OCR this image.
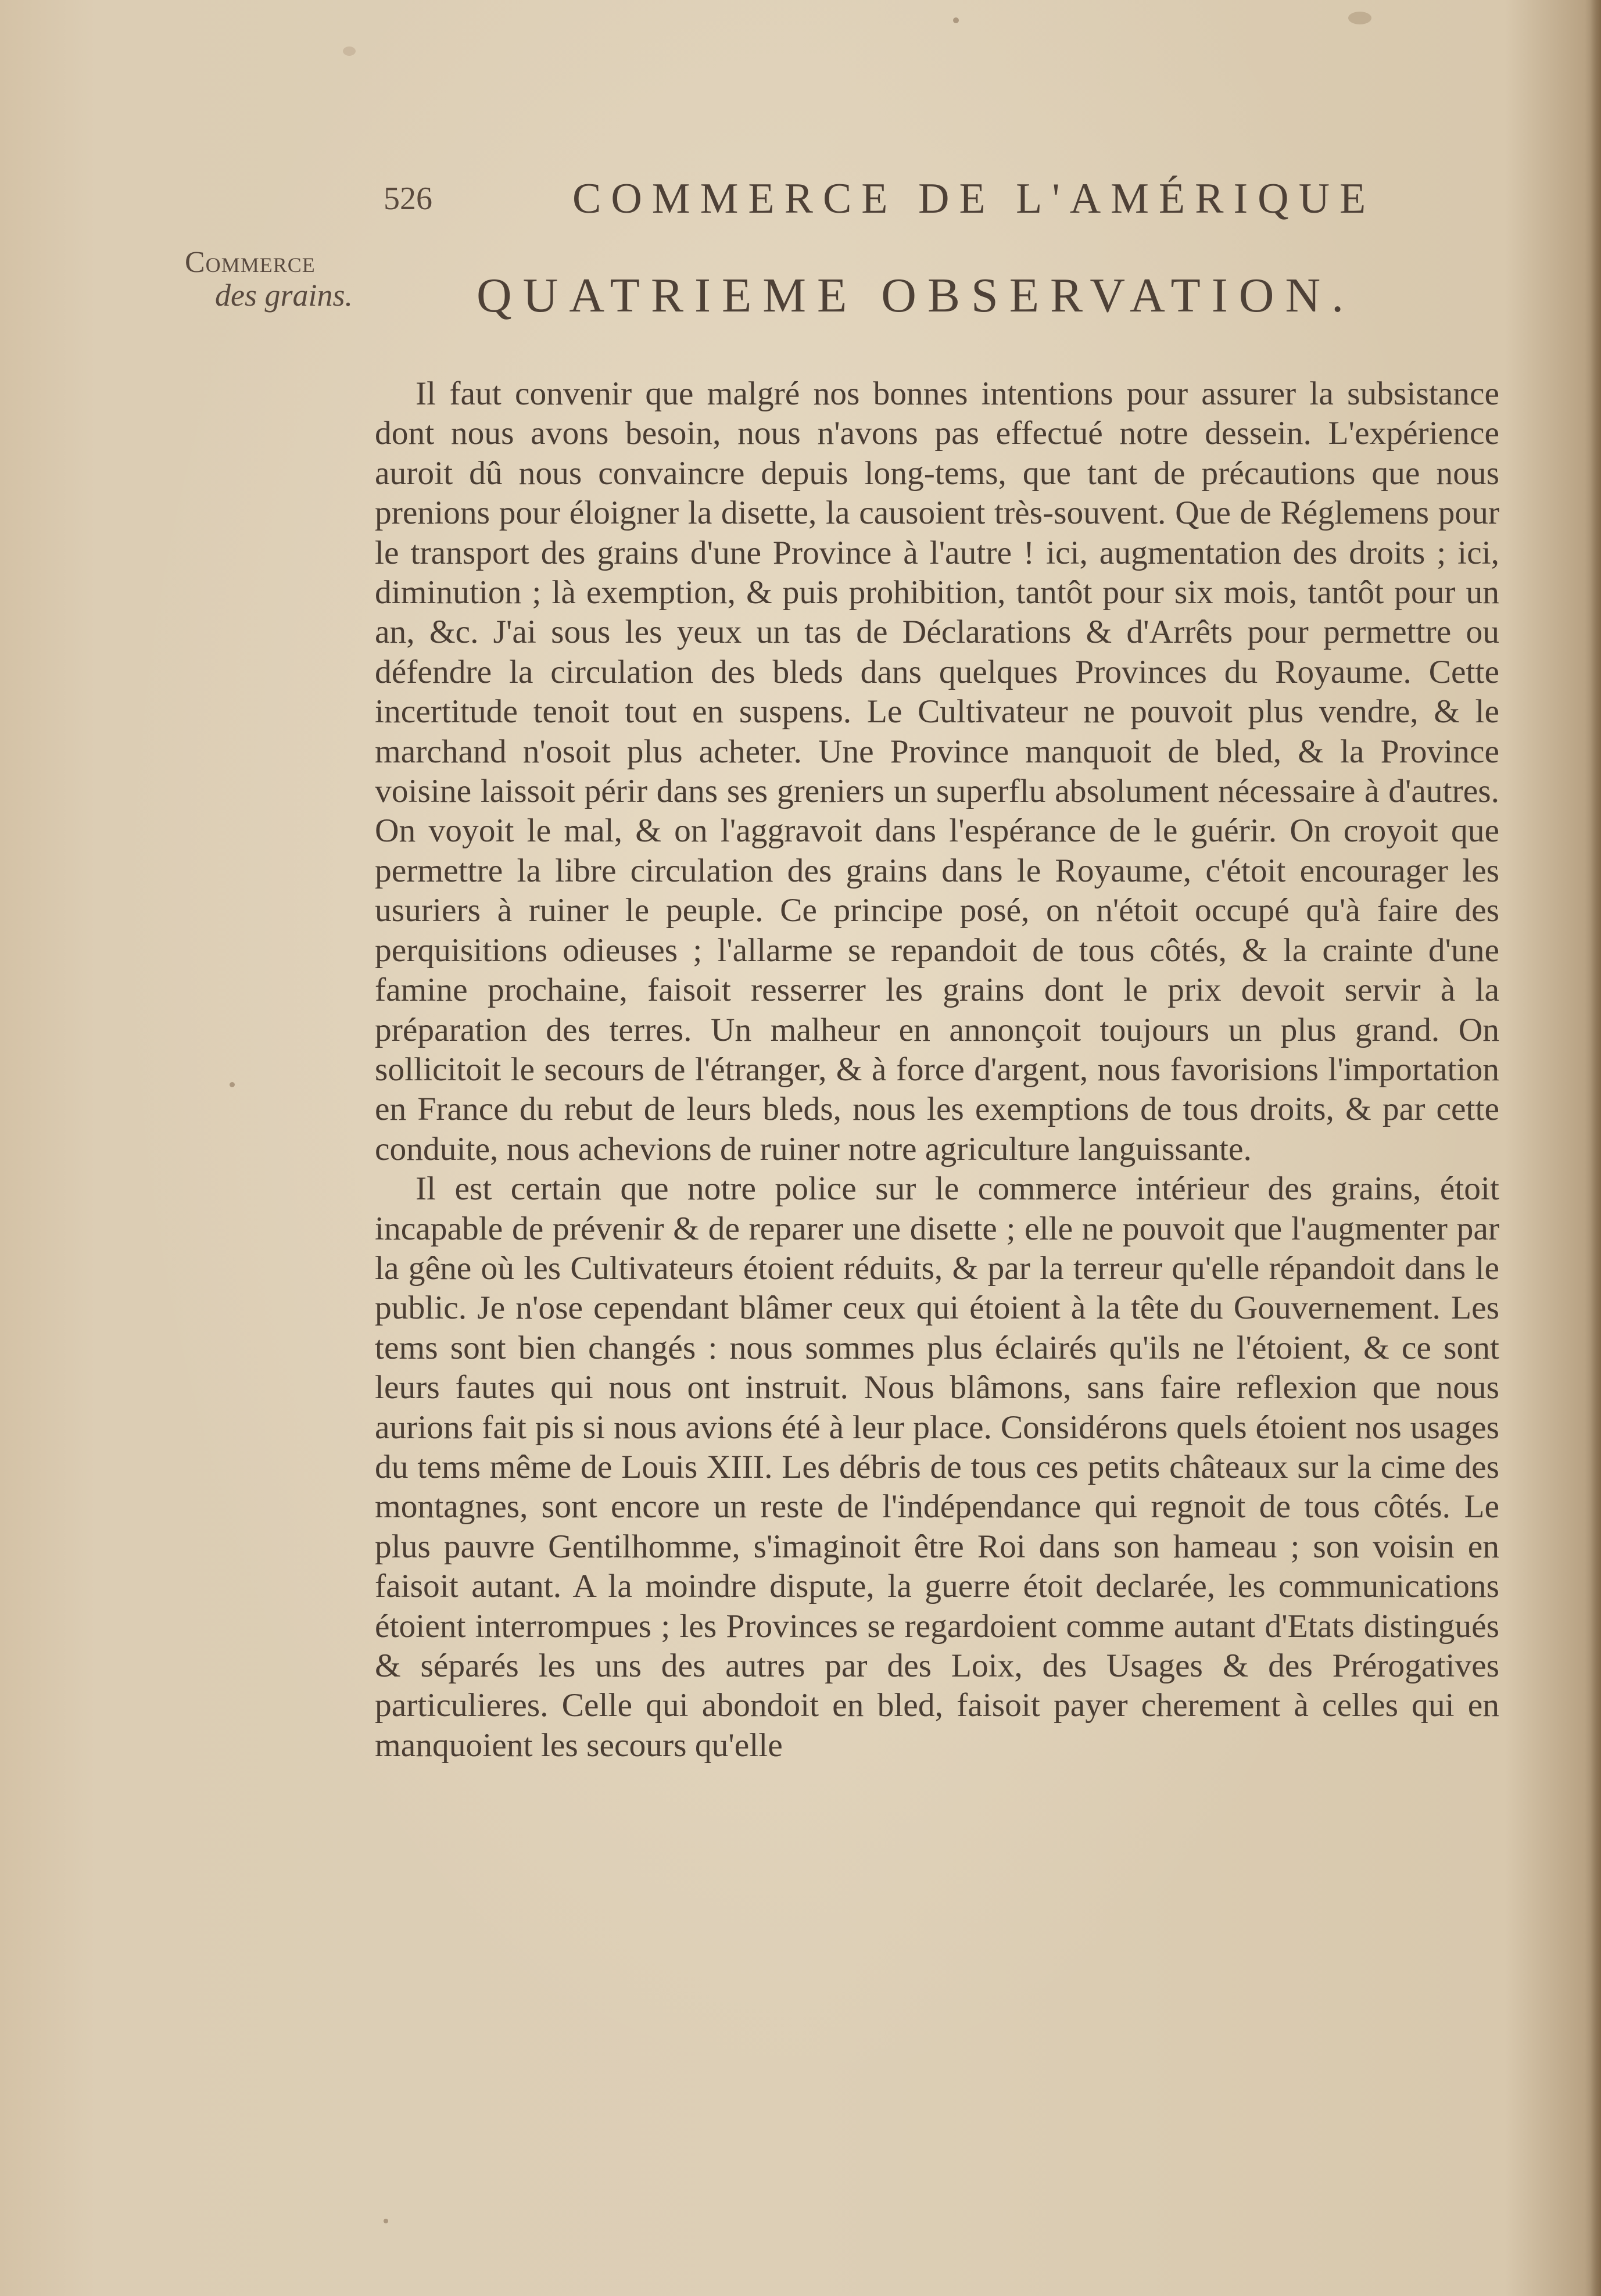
526	COMMERCE DE L'AMÉRIQUE
Commerce
des grains.	QUATRIEME OBSERVATION.

Il faut convenir que malgré nos bonnes intentions pour assurer la subsistance dont nous avons besoin, nous n'avons pas effectué notre dessein. L'expérience auroit dû nous convaincre depuis long-tems, que tant de précautions que nous prenions pour éloigner la disette, la causoient très-souvent. Que de Réglemens pour le transport des grains d'une Province à l'autre ! ici, augmentation des droits ; ici, diminution ; là exemption, & puis prohibition, tantôt pour six mois, tantôt pour un an, &c. J'ai sous les yeux un tas de Déclarations & d'Arrêts pour permettre ou défendre la circulation des bleds dans quelques Provinces du Royaume. Cette incertitude tenoit tout en suspens. Le Cultivateur ne pouvoit plus vendre, & le marchand n'osoit plus acheter. Une Province manquoit de bled, & la Province voisine laissoit périr dans ses greniers un superflu absolument nécessaire à d'autres. On voyoit le mal, & on l'aggravoit dans l'espérance de le guérir. On croyoit que permettre la libre circulation des grains dans le Royaume, c'étoit encourager les usuriers à ruiner le peuple. Ce principe posé, on n'étoit occupé qu'à faire des perquisitions odieuses ; l'allarme se repandoit de tous côtés, & la crainte d'une famine prochaine, faisoit resserrer les grains dont le prix devoit servir à la préparation des terres. Un malheur en annonçoit toujours un plus grand. On sollicitoit le secours de l'étranger, & à force d'argent, nous favorisions l'importation en France du rebut de leurs bleds, nous les exemptions de tous droits, & par cette conduite, nous achevions de ruiner notre agriculture languissante.

Il est certain que notre police sur le commerce intérieur des grains, étoit incapable de prévenir & de reparer une disette ; elle ne pouvoit que l'augmenter par la gêne où les Cultivateurs étoient réduits, & par la terreur qu'elle répandoit dans le public. Je n'ose cependant blâmer ceux qui étoient à la tête du Gouvernement. Les tems sont bien changés : nous sommes plus éclairés qu'ils ne l'étoient, & ce sont leurs fautes qui nous ont instruit. Nous blâmons, sans faire reflexion que nous aurions fait pis si nous avions été à leur place. Considérons quels étoient nos usages du tems même de Louis XIII. Les débris de tous ces petits châteaux sur la cime des montagnes, sont encore un reste de l'indépendance qui regnoit de tous côtés. Le plus pauvre Gentilhomme, s'imaginoit être Roi dans son hameau ; son voisin en faisoit autant. A la moindre dispute, la guerre étoit declarée, les communications étoient interrompues ; les Provinces se regardoient comme autant d'Etats distingués & séparés les uns des autres par des Loix, des Usages & des Prérogatives particulieres. Celle qui abondoit en bled, faisoit payer cherement à celles qui en manquoient les secours qu'elle
